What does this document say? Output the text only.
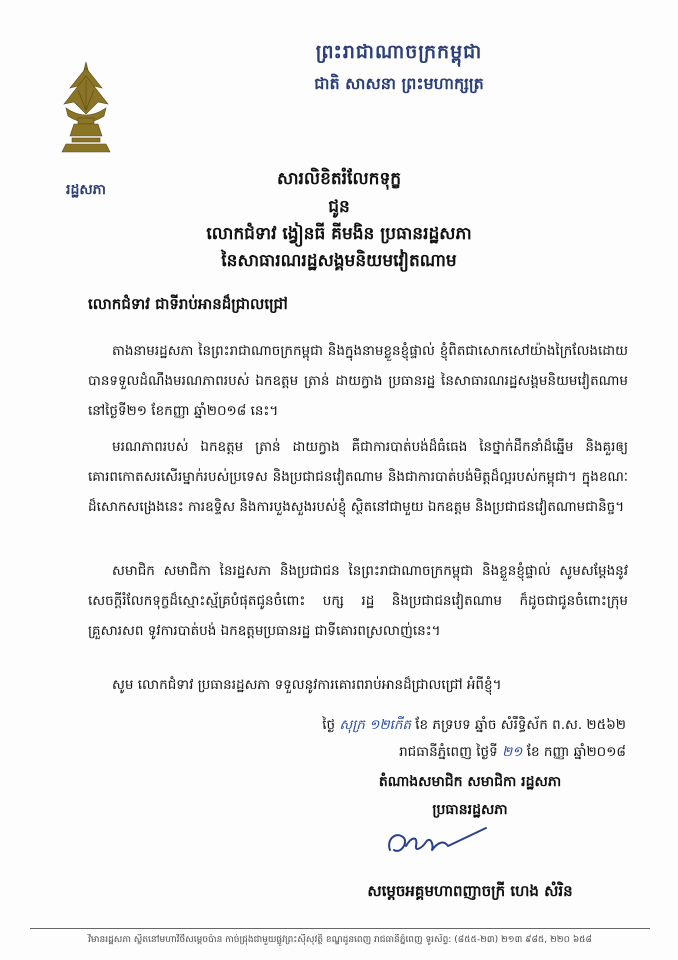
ព្រះរាជាណាចក្រកម្ពុជា
ជាតិ សាសនា ព្រះមហាក្សត្រ
រដ្ឋសភា
សារលិខិតរំលែកទុក្ខ
ជូន
លោកជំទាវ ង្វៀនធី គីមងិន ប្រធានរដ្ឋសភា
នៃសាធារណរដ្ឋសង្គមនិយមវៀតណាម
លោកជំទាវ ជាទីរាប់អានដ៏ជ្រាលជ្រៅ
តាងនាមរដ្ឋសភា នៃព្រះរាជាណាចក្រកម្ពុជា និងក្នុងនាមខ្លួនខ្ញុំផ្ទាល់ ខ្ញុំពិតជាសោកសៅយ៉ាងក្រៃលែងដោយបានទទួលដំណឹងមរណភាពរបស់ ឯកឧត្តម ត្រាន់ ដាយក្វាង ប្រធានរដ្ឋ នៃសាធារណរដ្ឋសង្គមនិយមវៀតណាម នៅថ្ងៃទី២១ ខែកញ្ញា ឆ្នាំ២០១៨ នេះ។
មរណភាពរបស់ ឯកឧត្តម ត្រាន់ ដាយក្វាង គឺជាការបាត់បង់ដ៏ធំធេង នៃថ្នាក់ដឹកនាំដ៏ឆ្នើម និងគួរឲ្យគោរពកោតសរសើរម្នាក់របស់ប្រទេស និងប្រជាជនវៀតណាម និងជាការបាត់បង់មិត្តដ៏ល្អរបស់កម្ពុជា។ ក្នុងខណៈដ៏សោកសង្រេងនេះ ការឧទ្ទិស និងការបួងសួងរបស់ខ្ញុំ ស្ថិតនៅជាមួយ ឯកឧត្តម និងប្រជាជនវៀតណាមជានិច្ច។
សមាជិក សមាជិកា នៃរដ្ឋសភា និងប្រជាជន នៃព្រះរាជាណាចក្រកម្ពុជា និងខ្លួនខ្ញុំផ្ទាល់ សូមសម្តែងនូវសេចក្តីរំលែកទុក្ខដ៏ស្មោះស្ម័គ្របំផុតជូនចំពោះ បក្ស រដ្ឋ និងប្រជាជនវៀតណាម ក៏ដូចជាជូនចំពោះក្រុមគ្រួសារសព ទូវការបាត់បង់ ឯកឧត្តមប្រធានរដ្ឋ ជាទីគោរពស្រលាញ់នេះ។
សូម លោកជំទាវ ប្រធានរដ្ឋសភា ទទួលនូវការគោរពរាប់អានដ៏ជ្រាលជ្រៅ អំពីខ្ញុំ។
ថ្ងៃ សុក្រ ១២កើត ខែ ភទ្របទ ឆ្នាំច សំរឹទ្ធិស័ក ព.ស. ២៥៦២
រាជធានីភ្នំពេញ ថ្ងៃទី ២១ ខែ កញ្ញា ឆ្នាំ២០១៨
តំណាងសមាជិក សមាជិកា រដ្ឋសភា
ប្រធានរដ្ឋសភា
សម្តេចអគ្គមហាពញាចក្រី ហេង សំរិន
វិមានរដ្ឋសភា ស្ថិតនៅមហាវិថីសម្តេចប៉ាន កាច់ជ្រុងជាមួយផ្លូវព្រះស៊ីសុវត្ថិ ខណ្ឌដូនពេញ រាជធានីភ្នំពេញ ទូរស័ព្ទ: (៨៥៥-២៣) ២១៣ ៩៨៥, ២២០ ៦៥៨
